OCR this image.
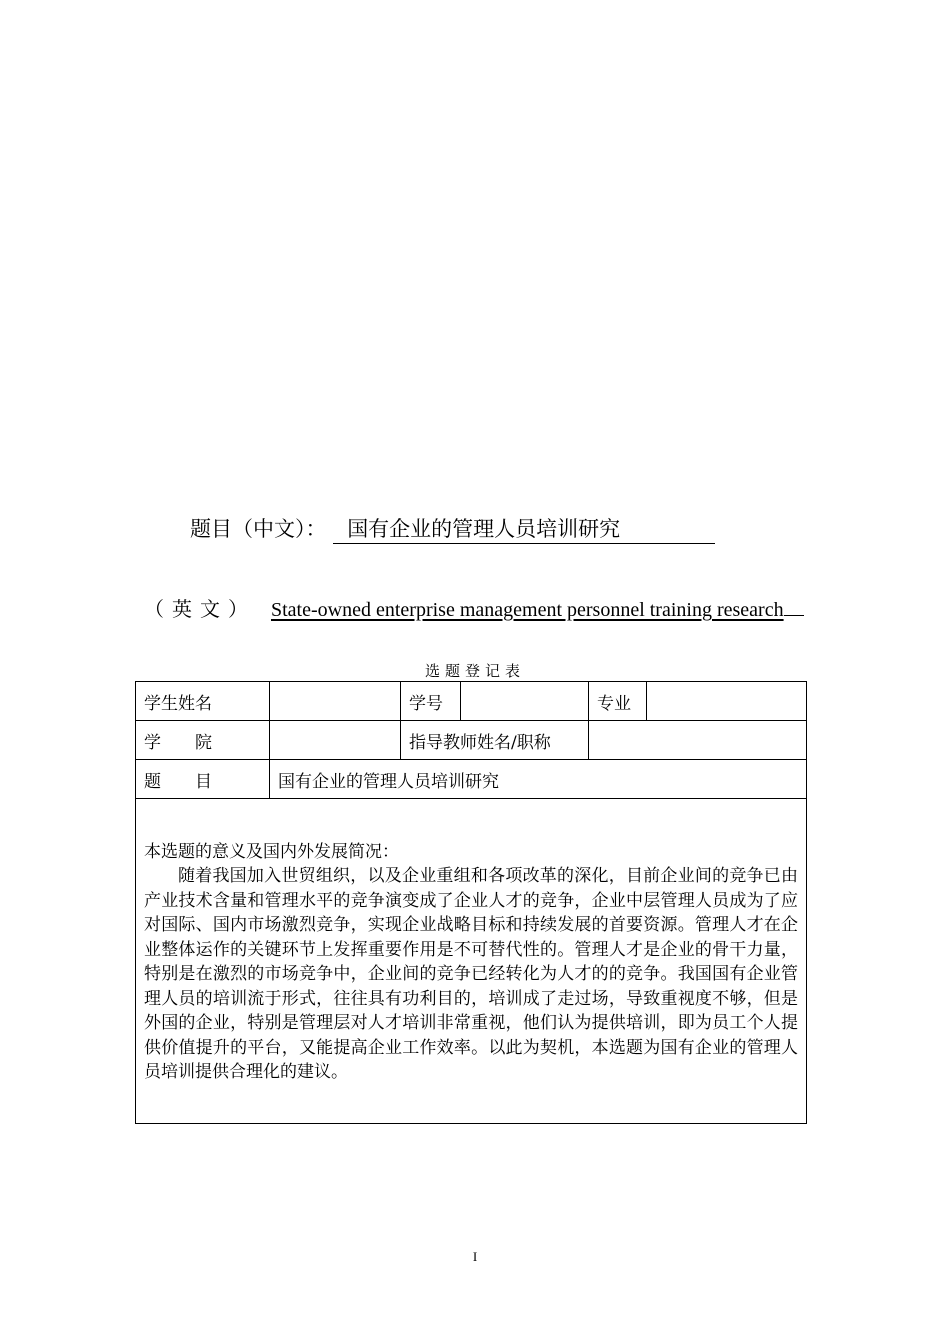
题目（中文）： 国有企业的管理人员培训研究
（英文） State-owned enterprise management personnel training research
选题登记表
学生姓名		学号		专业	
学 院		指导教师姓名/职称			
题 目	国有企业的管理人员培训研究				

本选题的意义及国内外发展简况：

随着我国加入世贸组织，以及企业重组和各项改革的深化，目前企业间的竞争已由产业技术含量和管理水平的竞争演变成了企业人才的竞争，企业中层管理人员成为了应对国际、国内市场激烈竞争，实现企业战略目标和持续发展的首要资源。管理人才在企业整体运作的关键环节上发挥重要作用是不可替代性的。管理人才是企业的骨干力量，特别是在激烈的市场竞争中，企业间的竞争已经转化为人才的的竞争。我国国有企业管理人员的培训流于形式，往往具有功利目的，培训成了走过场，导致重视度不够，但是外国的企业，特别是管理层对人才培训非常重视，他们认为提供培训，即为员工个人提供价值提升的平台，又能提高企业工作效率。以此为契机，本选题为国有企业的管理人员培训提供合理化的建议。					

I
